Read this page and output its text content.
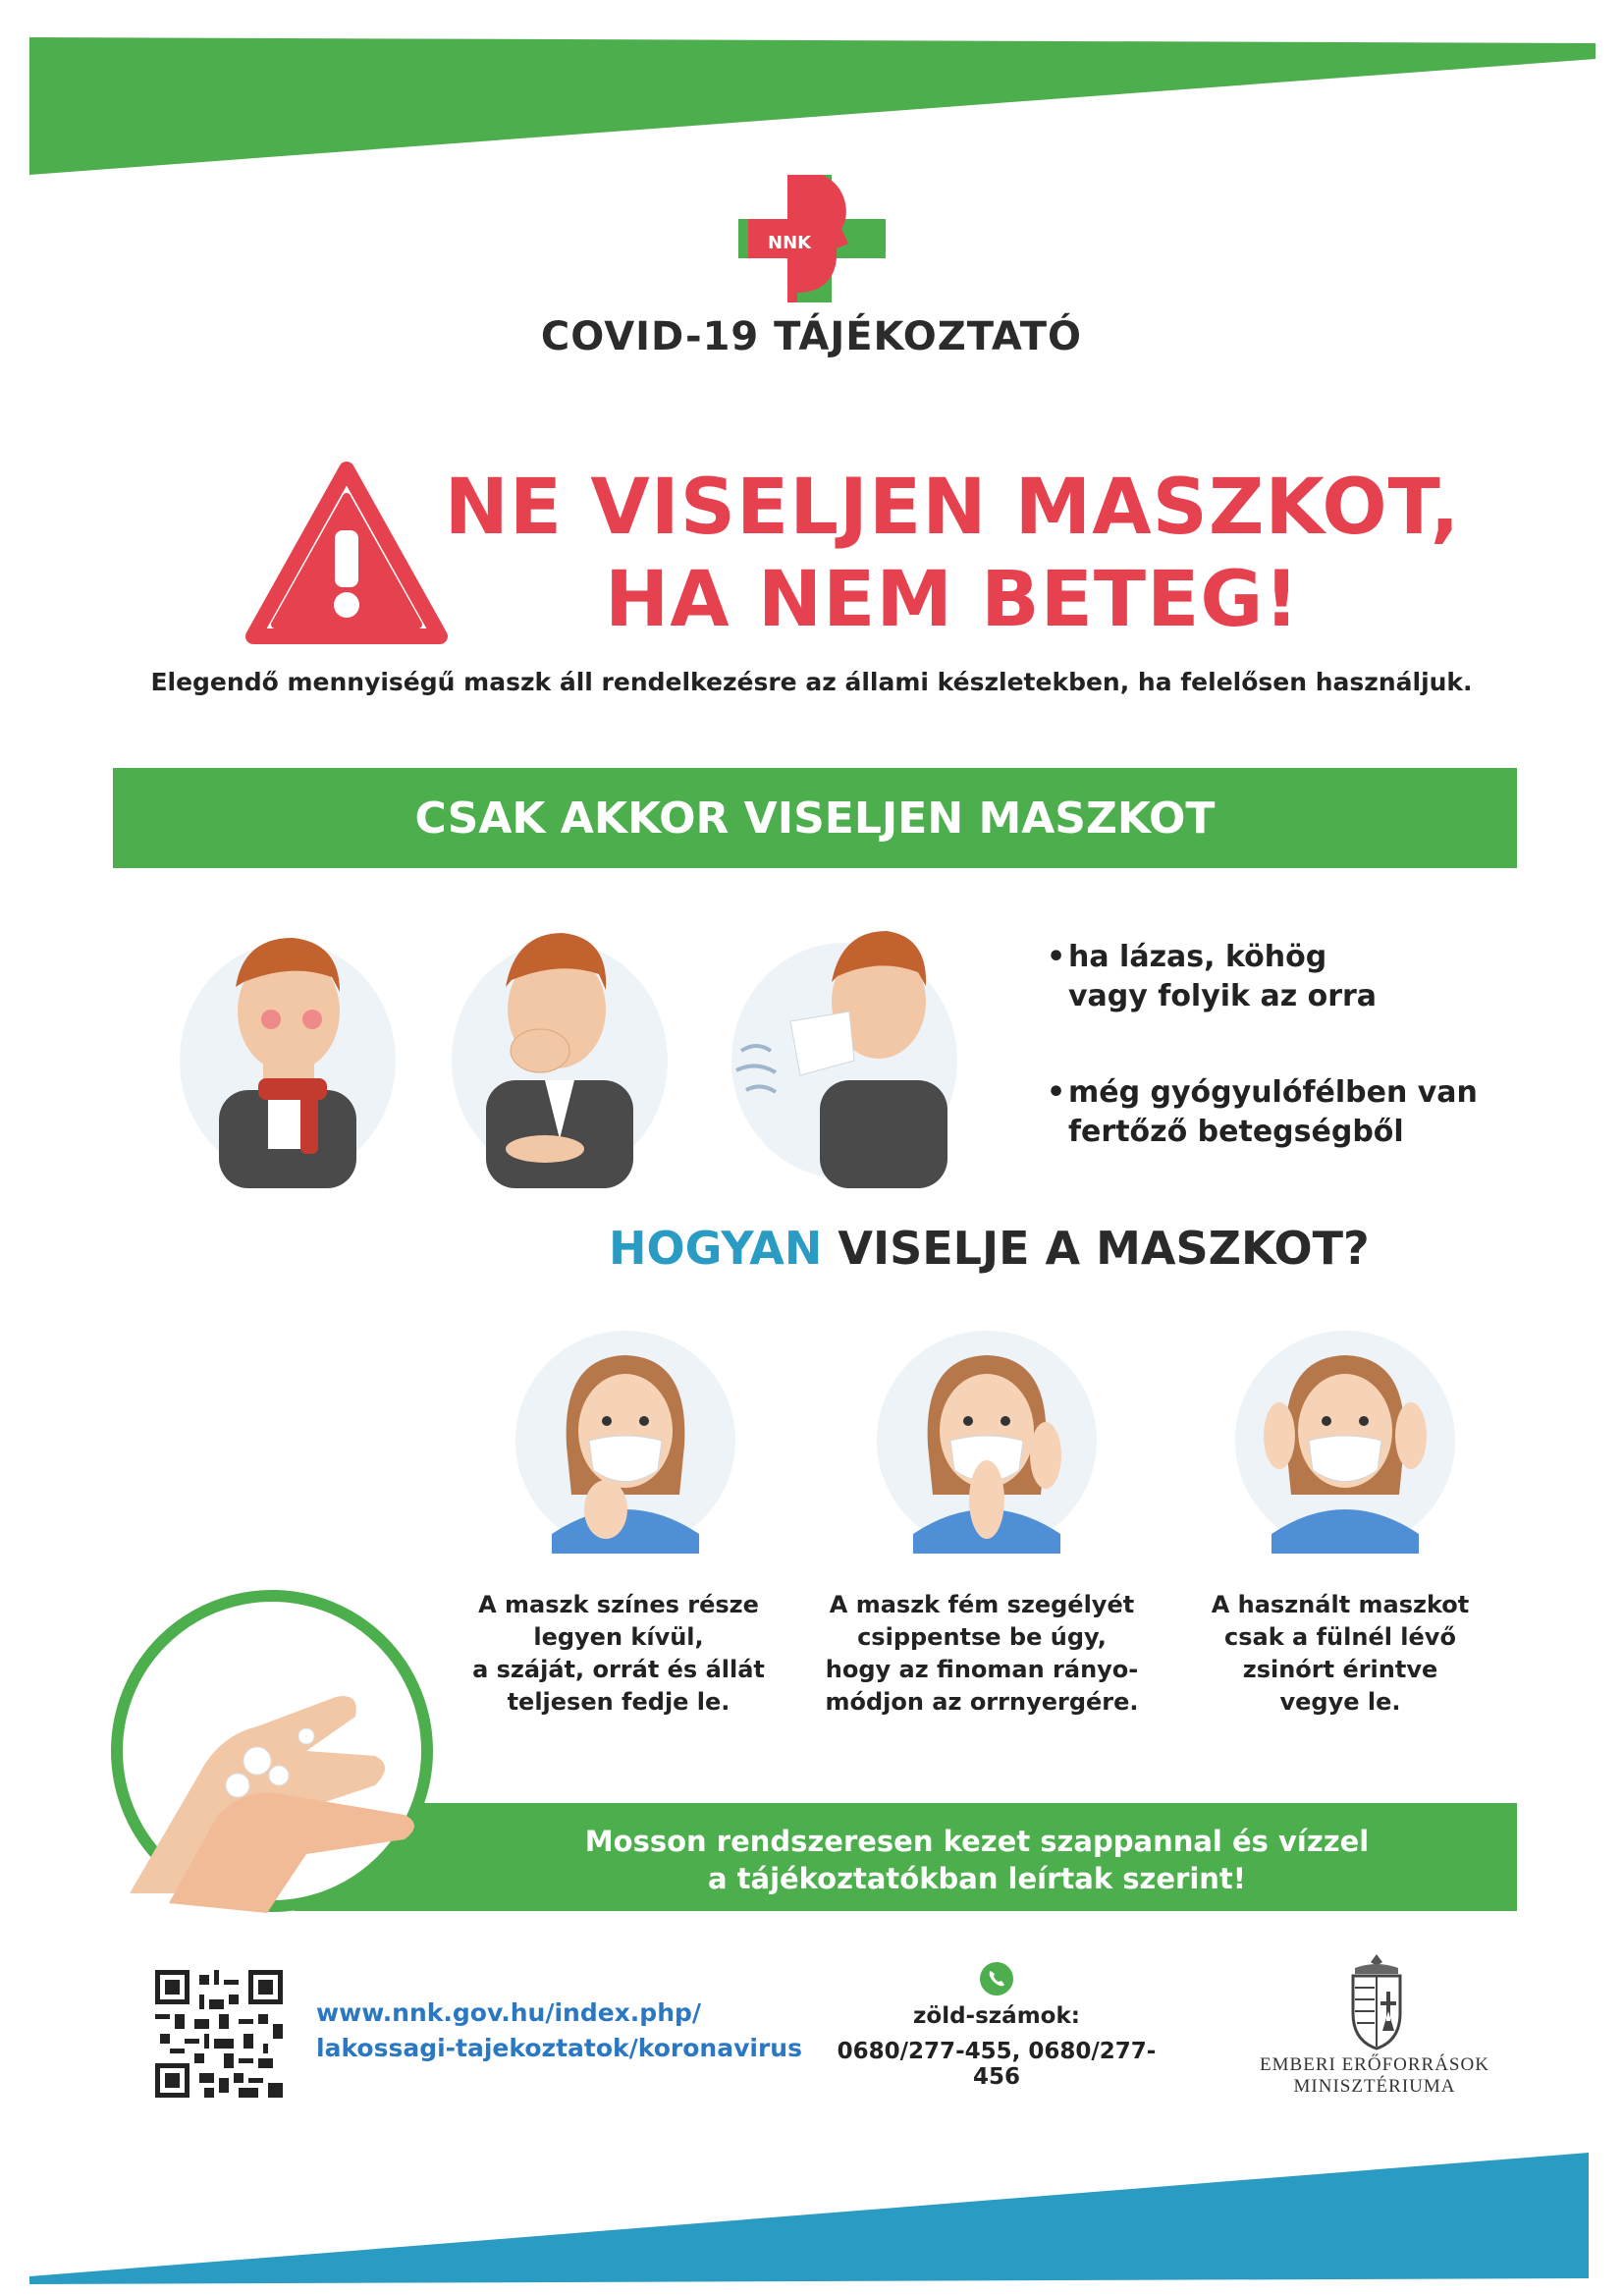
NNK
COVID-19 TÁJÉKOZTATÓ
NE VISELJEN MASZKOT,
HA NEM BETEG!
Elegendő mennyiségű maszk áll rendelkezésre az állami készletekben, ha felelősen használjuk.
CSAK AKKOR VISELJEN MASZKOT
• ha lázas, köhög
vagy folyik az orra
• még gyógyulófélben van
fertőző betegségből
HOGYAN VISELJE A MASZKOT?
A maszk színes része
legyen kívül,
a száját, orrát és állát
teljesen fedje le.
A maszk fém szegélyét
csippentse be úgy,
hogy az finoman rányo-
módjon az orrnyergére.
A használt maszkot
csak a fülnél lévő
zsinórt érintve
vegye le.
Mosson rendszeresen kezet szappannal és vízzel
a tájékoztatókban leírtak szerint!
www.nnk.gov.hu/index.php/
lakossagi-tajekoztatok/koronavirus
zöld-számok:
0680/277-455, 0680/277-456	EMBERI ERŐFORRÁSOK
MINISZTÉRIUMA
